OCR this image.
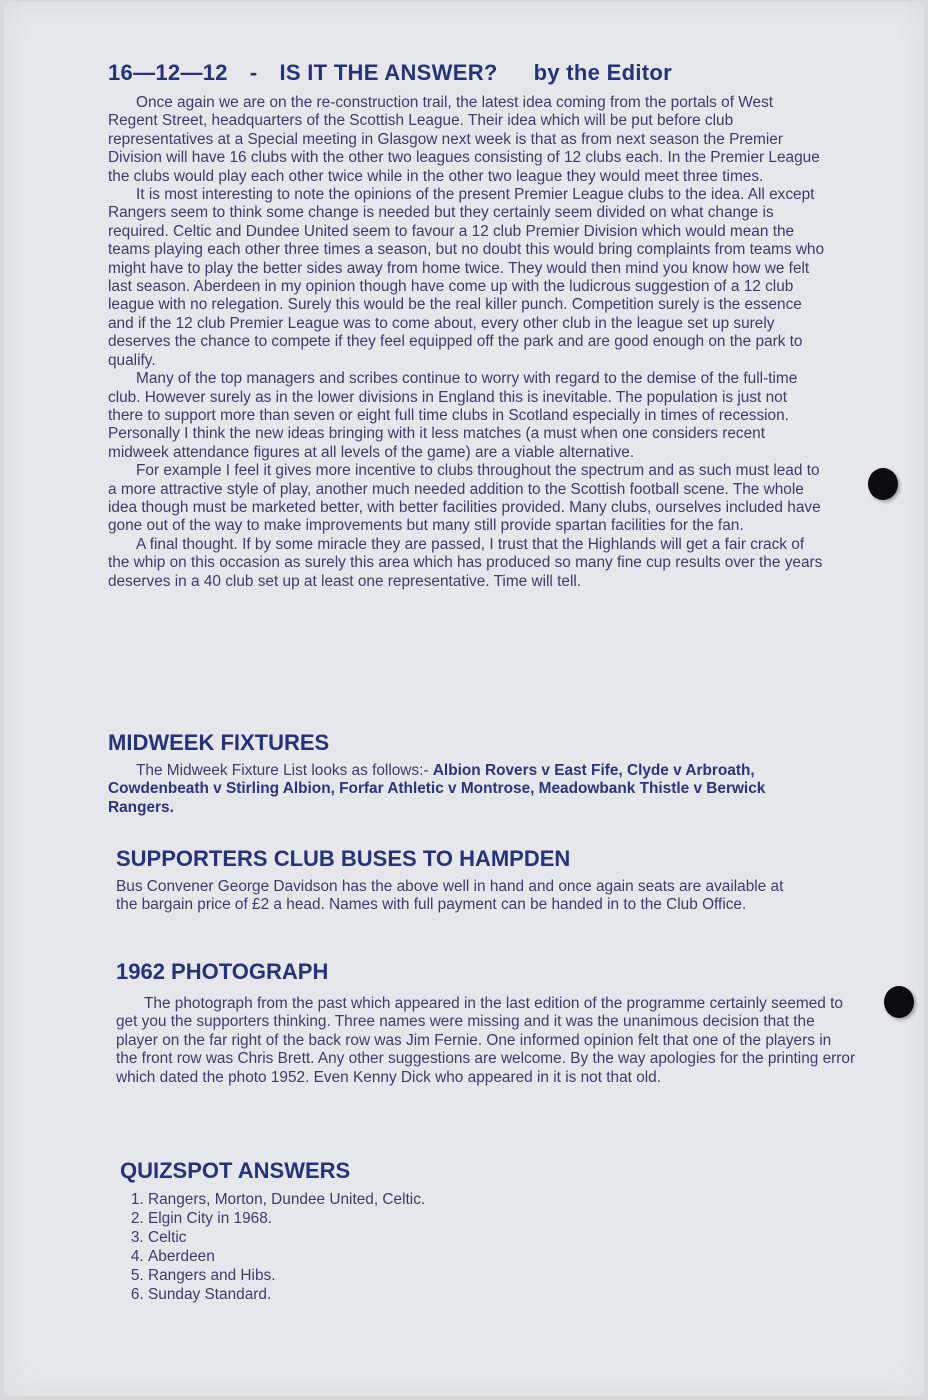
16—12—12 - IS IT THE ANSWER? by the Editor

Once again we are on the re-construction trail, the latest idea coming from the portals of West Regent Street, headquarters of the Scottish League. Their idea which will be put before club representatives at a Special meeting in Glasgow next week is that as from next season the Premier Division will have 16 clubs with the other two leagues consisting of 12 clubs each. In the Premier League the clubs would play each other twice while in the other two league they would meet three times.

It is most interesting to note the opinions of the present Premier League clubs to the idea. All except Rangers seem to think some change is needed but they certainly seem divided on what change is required. Celtic and Dundee United seem to favour a 12 club Premier Division which would mean the teams playing each other three times a season, but no doubt this would bring complaints from teams who might have to play the better sides away from home twice. They would then mind you know how we felt last season. Aberdeen in my opinion though have come up with the ludicrous suggestion of a 12 club league with no relegation. Surely this would be the real killer punch. Competition surely is the essence and if the 12 club Premier League was to come about, every other club in the league set up surely deserves the chance to compete if they feel equipped off the park and are good enough on the park to qualify.

Many of the top managers and scribes continue to worry with regard to the demise of the full-time club. However surely as in the lower divisions in England this is inevitable. The population is just not there to support more than seven or eight full time clubs in Scotland especially in times of recession. Personally I think the new ideas bringing with it less matches (a must when one considers recent midweek attendance figures at all levels of the game) are a viable alternative.

For example I feel it gives more incentive to clubs throughout the spectrum and as such must lead to a more attractive style of play, another much needed addition to the Scottish football scene. The whole idea though must be marketed better, with better facilities provided. Many clubs, ourselves included have gone out of the way to make improvements but many still provide spartan facilities for the fan.

A final thought. If by some miracle they are passed, I trust that the Highlands will get a fair crack of the whip on this occasion as surely this area which has produced so many fine cup results over the years deserves in a 40 club set up at least one representative. Time will tell.

MIDWEEK FIXTURES

The Midweek Fixture List looks as follows:- Albion Rovers v East Fife, Clyde v Arbroath, Cowdenbeath v Stirling Albion, Forfar Athletic v Montrose, Meadowbank Thistle v Berwick Rangers.

SUPPORTERS CLUB BUSES TO HAMPDEN

Bus Convener George Davidson has the above well in hand and once again seats are available at the bargain price of £2 a head. Names with full payment can be handed in to the Club Office.

1962 PHOTOGRAPH

The photograph from the past which appeared in the last edition of the programme certainly seemed to get you the supporters thinking. Three names were missing and it was the unanimous decision that the player on the far right of the back row was Jim Fernie. One informed opinion felt that one of the players in the front row was Chris Brett. Any other suggestions are welcome. By the way apologies for the printing error which dated the photo 1952. Even Kenny Dick who appeared in it is not that old.

QUIZSPOT ANSWERS
1. Rangers, Morton, Dundee United, Celtic.
2. Elgin City in 1968.
3. Celtic
4. Aberdeen
5. Rangers and Hibs.
6. Sunday Standard.
